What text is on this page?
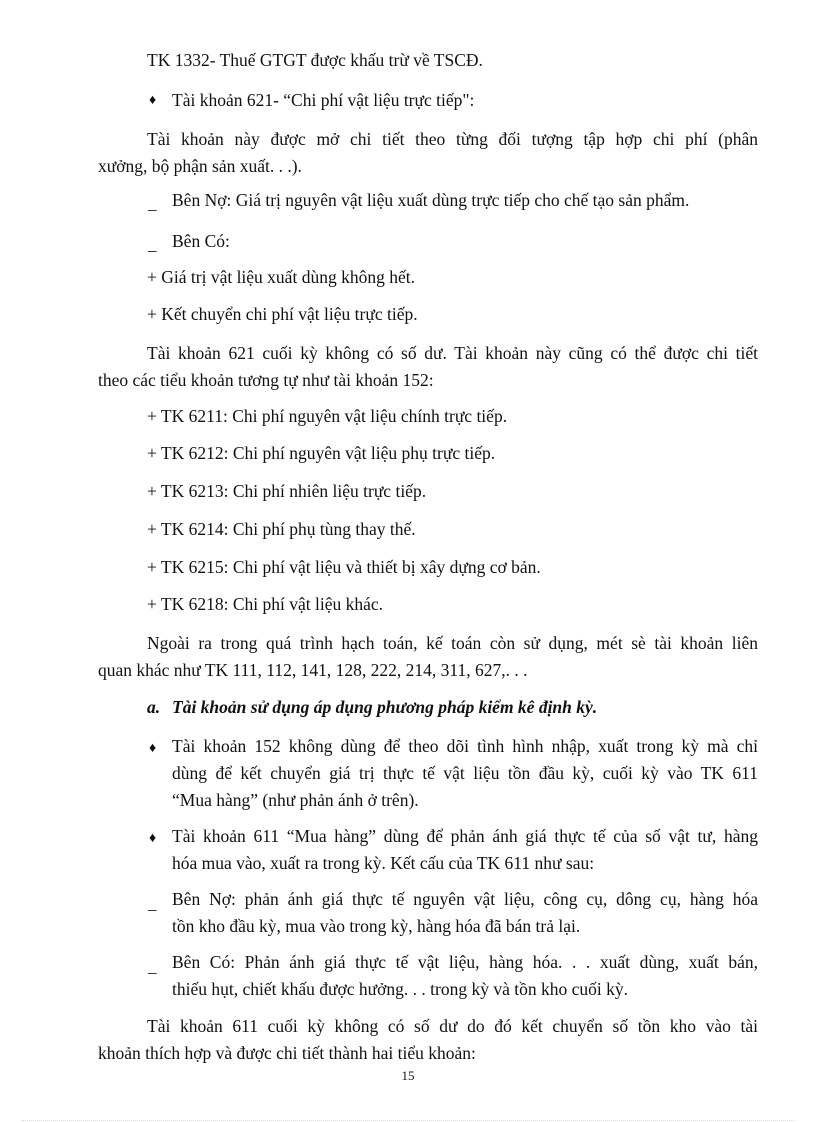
TK 1332- Thuế GTGT được khấu trừ về TSCĐ.
♦ Tài khoản 621- “Chi phí vật liệu trực tiếp":
Tài khoản này được mở chi tiết theo từng đối tượng tập hợp chi phí (phân
xưởng, bộ phận sản xuất. . .).
_ Bên Nợ: Giá trị nguyên vật liệu xuất dùng trực tiếp cho chế tạo sản phẩm.
_ Bên Có:
+ Giá trị vật liệu xuất dùng không hết.
+ Kết chuyển chi phí vật liệu trực tiếp.
Tài khoản 621 cuối kỳ không có số dư. Tài khoản này cũng có thể được chi tiết
theo các tiểu khoản tương tự như tài khoản 152:
+ TK 6211: Chi phí nguyên vật liệu chính trực tiếp.
+ TK 6212: Chi phí nguyên vật liệu phụ trực tiếp.
+ TK 6213: Chi phí nhiên liệu trực tiếp.
+ TK 6214: Chi phí phụ tùng thay thế.
+ TK 6215: Chi phí vật liệu và thiết bị xây dựng cơ bản.
+ TK 6218: Chi phí vật liệu khác.
Ngoài ra trong quá trình hạch toán, kế toán còn sử dụng, mét sè tài khoản liên
quan khác như TK 111, 112, 141, 128, 222, 214, 311, 627,. . .
a. Tài khoản sử dụng áp dụng phương pháp kiểm kê định kỳ.
♦ Tài khoản 152 không dùng để theo dõi tình hình nhập, xuất trong kỳ mà chỉ
dùng để kết chuyển giá trị thực tế vật liệu tồn đầu kỳ, cuối kỳ vào TK 611
“Mua hàng” (như phản ánh ở trên).
♦ Tài khoản 611 “Mua hàng” dùng để phản ánh giá thực tế của số vật tư, hàng
hóa mua vào, xuất ra trong kỳ. Kết cấu của TK 611 như sau:
_ Bên Nợ: phản ánh giá thực tế nguyên vật liệu, công cụ, dông cụ, hàng hóa
tồn kho đầu kỳ, mua vào trong kỳ, hàng hóa đã bán trả lại.
_ Bên Có: Phản ánh giá thực tế vật liệu, hàng hóa. . . xuất dùng, xuất bán,
thiếu hụt, chiết khấu được hưởng. . . trong kỳ và tồn kho cuối kỳ.
Tài khoản 611 cuối kỳ không có số dư do đó kết chuyển số tồn kho vào tài
khoản thích hợp và được chi tiết thành hai tiểu khoản:
15
